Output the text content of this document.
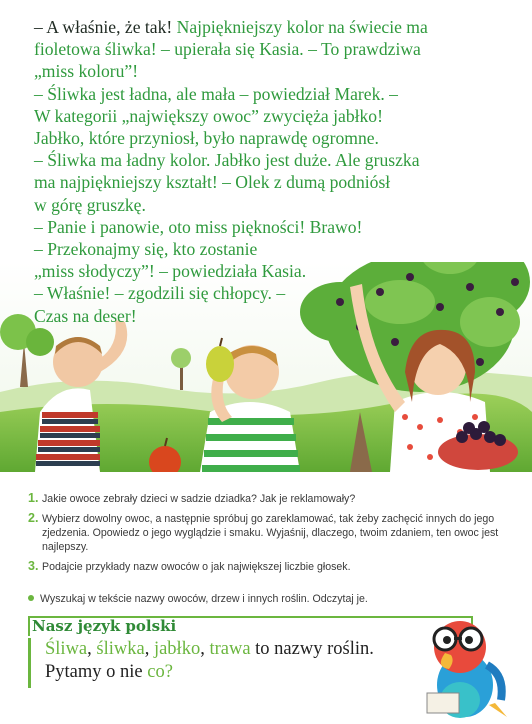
– A właśnie, że tak! Najpiękniejszy kolor na świecie ma
fioletowa śliwka! – upierała się Kasia. – To prawdziwa
„miss koloru”!
– Śliwka jest ładna, ale mała – powiedział Marek. –
W kategorii „największy owoc” zwycięża jabłko!
Jabłko, które przyniosł, było naprawdę ogromne.
– Śliwka ma ładny kolor. Jabłko jest duże. Ale gruszka
ma najpiękniejszy kształt! – Olek z dumą podniósł
w górę gruszkę.
– Panie i panowie, oto miss piękności! Brawo!
– Przekonajmy się, kto zostanie
„miss słodyczy”! – powiedziała Kasia.
– Właśnie! – zgodzili się chłopcy. –
Czas na deser!
1. Jakie owoce zebrały dzieci w sadzie dziadka? Jak je reklamowały?
2. Wybierz dowolny owoc, a następnie spróbuj go zareklamować, tak żeby zachęcić innych do jego zjedzenia. Opowiedz o jego wyglądzie i smaku. Wyjaśnij, dlaczego, twoim zdaniem, ten owoc jest najlepszy.
3. Podajcie przykłady nazw owoców o jak największej liczbie głosek.
Wyszukaj w tekście nazwy owoców, drzew i innych roślin. Odczytaj je.
Nasz język polski
Śliwa, śliwka, jabłko, trawa to nazwy roślin.
Pytamy o nie co?
